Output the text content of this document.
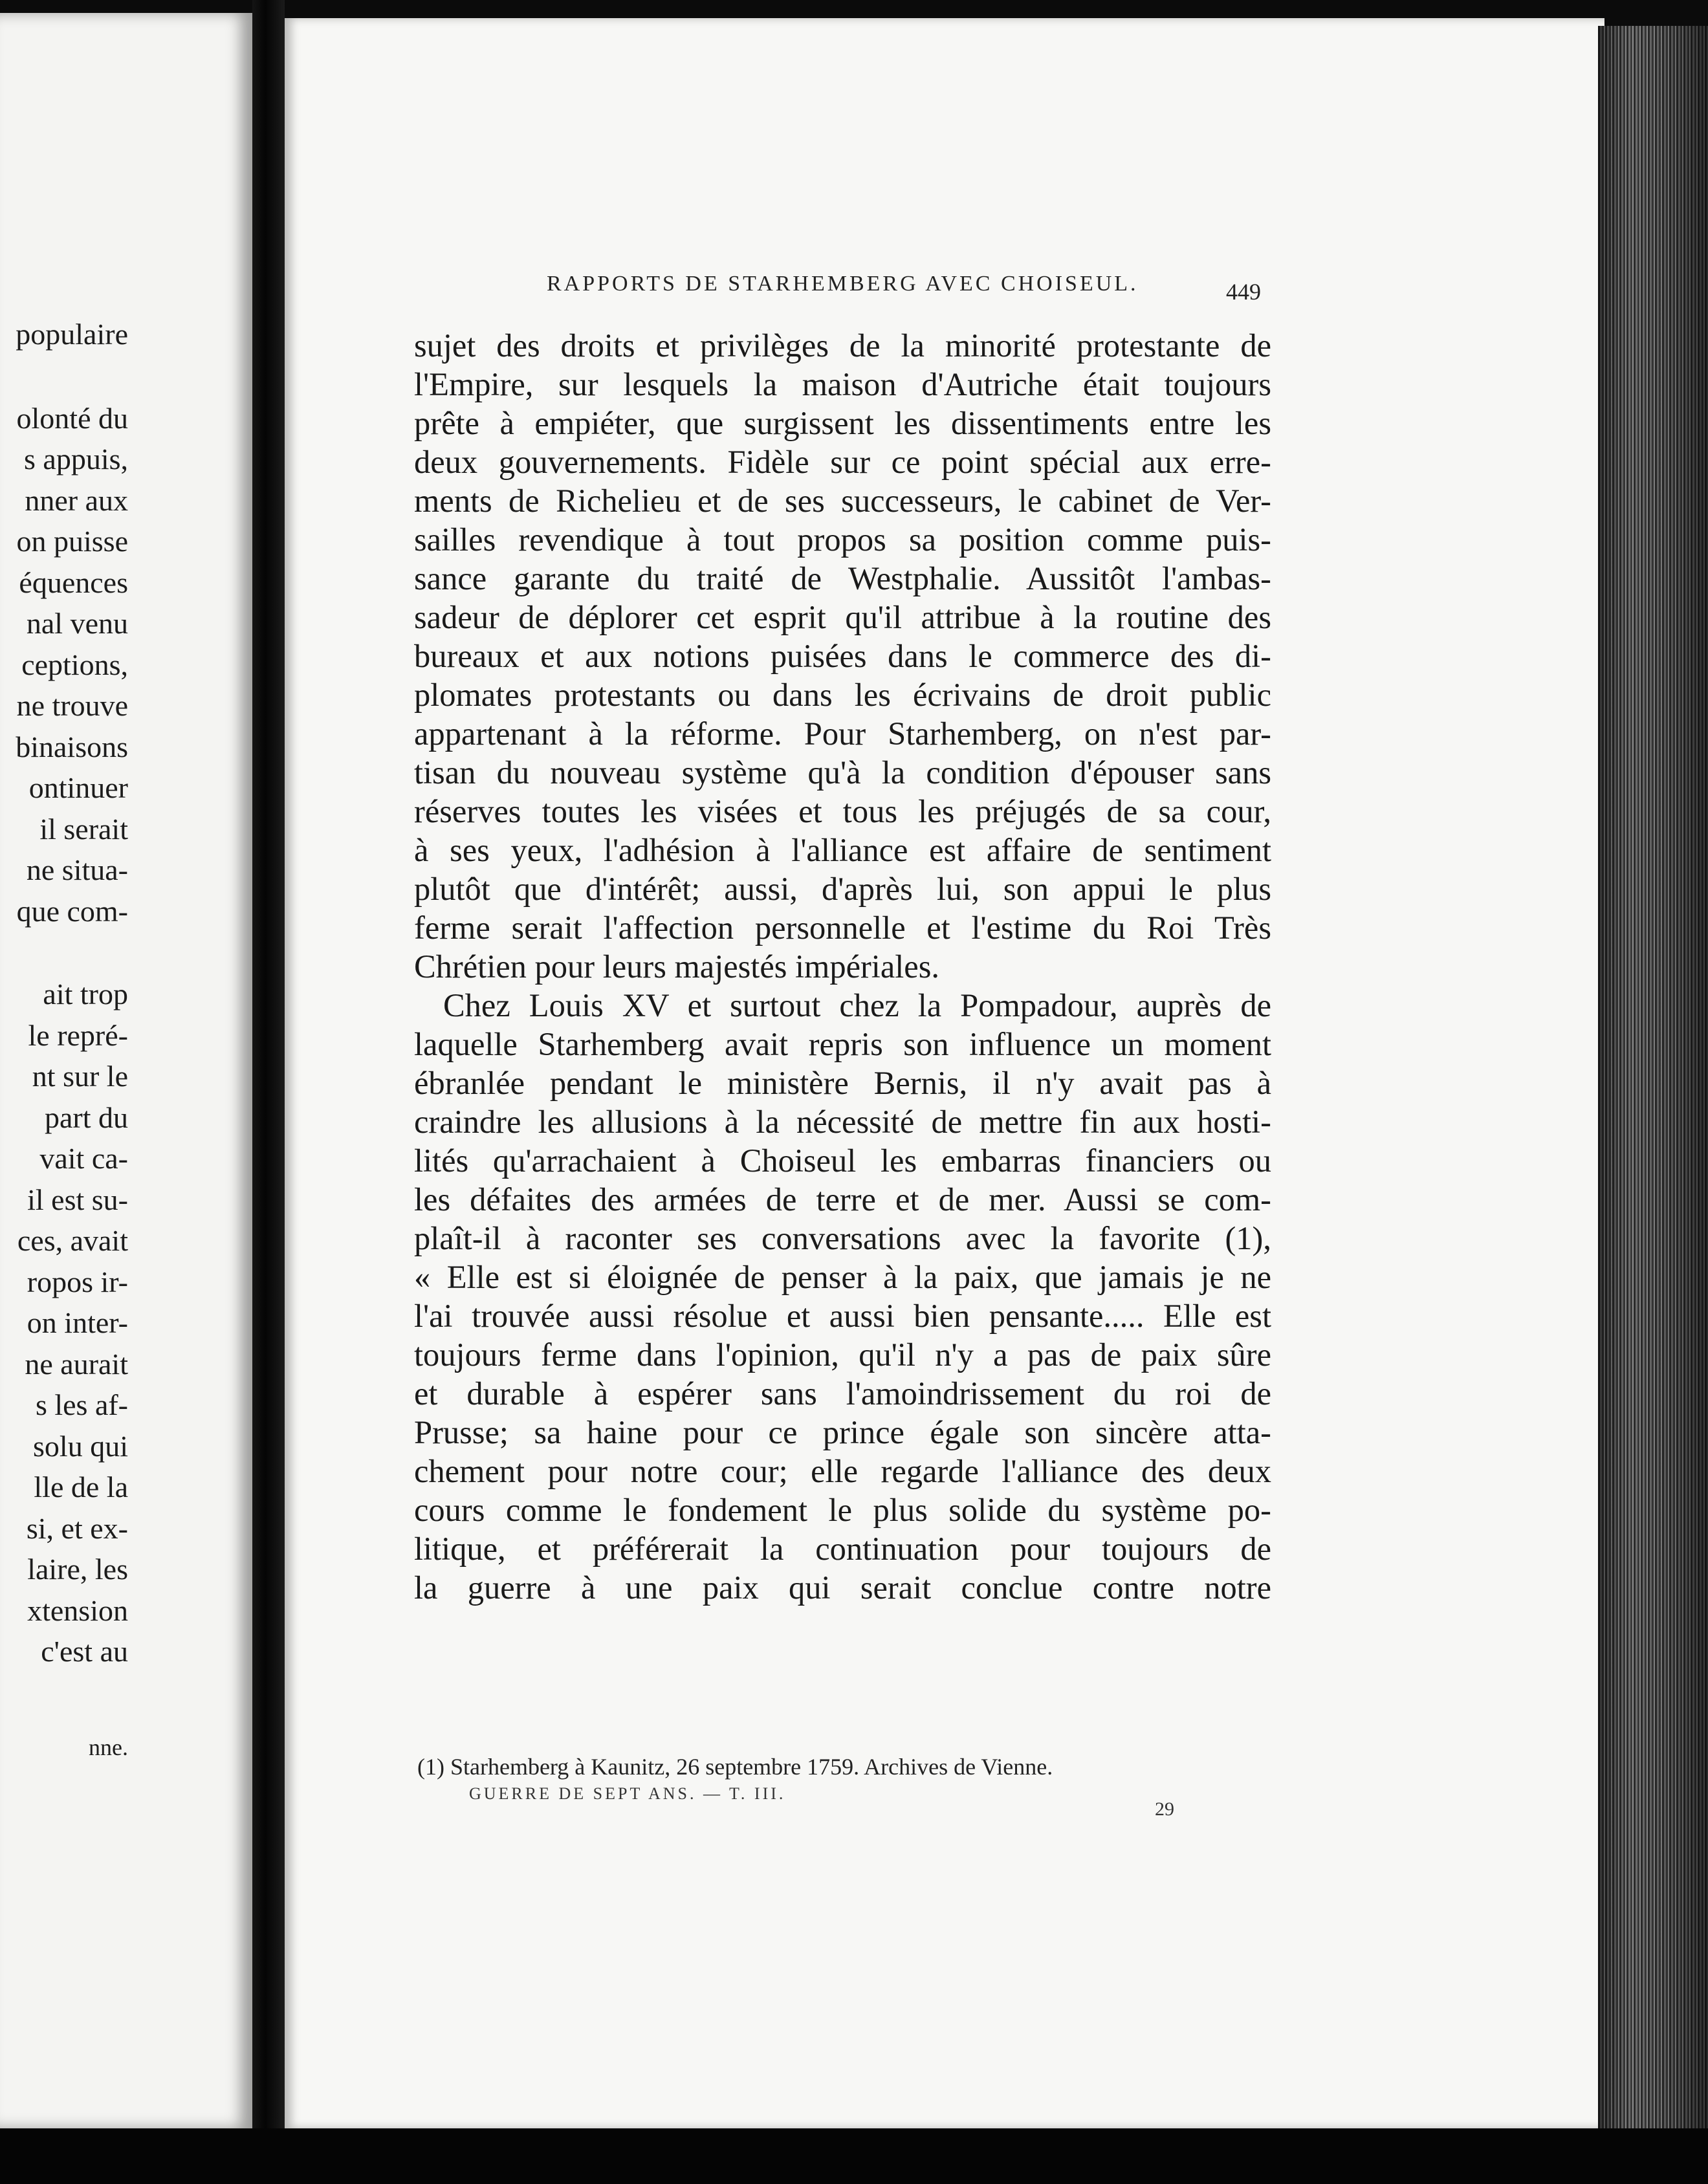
populaire
olonté du
s appuis,
nner aux
on puisse
équences
nal venu
ceptions,
ne trouve
binaisons
ontinuer
il serait
ne situa-
que com-
ait trop
le repré-
nt sur le
part du
vait ca-
il est su-
ces, avait
ropos ir-
on inter-
ne aurait
s les af-
solu qui
lle de la
si, et ex-
laire, les
xtension
c'est au
nne.
RAPPORTS DE STARHEMBERG AVEC CHOISEUL.	449
sujet des droits et privilèges de la minorité protestante de
l'Empire, sur lesquels la maison d'Autriche était toujours
prête à empiéter, que surgissent les dissentiments entre les
deux gouvernements. Fidèle sur ce point spécial aux erre-
ments de Richelieu et de ses successeurs, le cabinet de Ver-
sailles revendique à tout propos sa position comme puis-
sance garante du traité de Westphalie. Aussitôt l'ambas-
sadeur de déplorer cet esprit qu'il attribue à la routine des
bureaux et aux notions puisées dans le commerce des di-
plomates protestants ou dans les écrivains de droit public
appartenant à la réforme. Pour Starhemberg, on n'est par-
tisan du nouveau système qu'à la condition d'épouser sans
réserves toutes les visées et tous les préjugés de sa cour,
à ses yeux, l'adhésion à l'alliance est affaire de sentiment
plutôt que d'intérêt; aussi, d'après lui, son appui le plus
ferme serait l'affection personnelle et l'estime du Roi Très
Chrétien pour leurs majestés impériales.
Chez Louis XV et surtout chez la Pompadour, auprès de
laquelle Starhemberg avait repris son influence un moment
ébranlée pendant le ministère Bernis, il n'y avait pas à
craindre les allusions à la nécessité de mettre fin aux hosti-
lités qu'arrachaient à Choiseul les embarras financiers ou
les défaites des armées de terre et de mer. Aussi se com-
plaît-il à raconter ses conversations avec la favorite (1),
« Elle est si éloignée de penser à la paix, que jamais je ne
l'ai trouvée aussi résolue et aussi bien pensante..... Elle est
toujours ferme dans l'opinion, qu'il n'y a pas de paix sûre
et durable à espérer sans l'amoindrissement du roi de
Prusse; sa haine pour ce prince égale son sincère atta-
chement pour notre cour; elle regarde l'alliance des deux
cours comme le fondement le plus solide du système po-
litique, et préférerait la continuation pour toujours de
la guerre à une paix qui serait conclue contre notre
(1) Starhemberg à Kaunitz, 26 septembre 1759. Archives de Vienne.
GUERRE DE SEPT ANS. — T. III.
29
